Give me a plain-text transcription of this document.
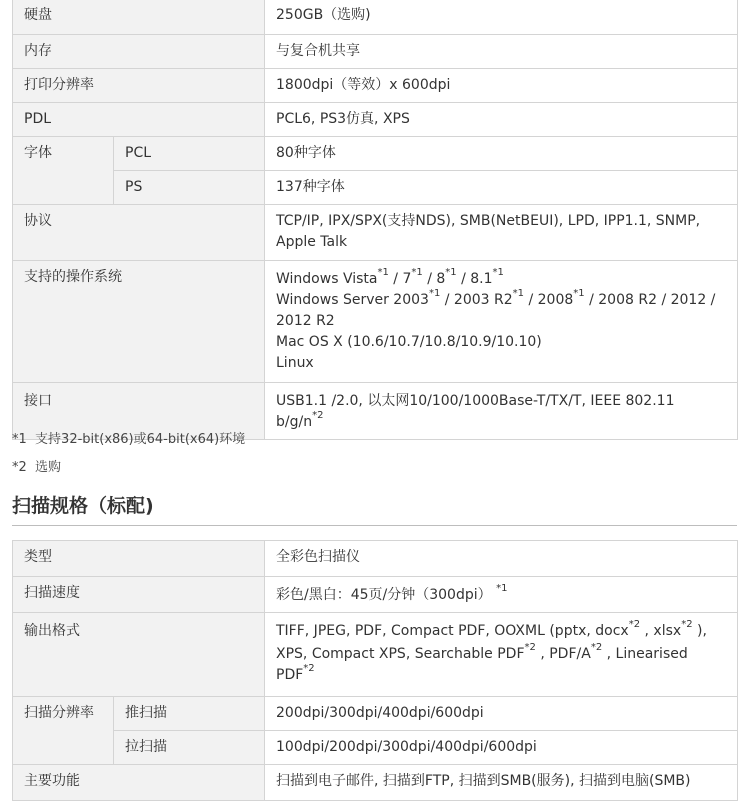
硬盘		250GB（选购)
内存		与复合机共享
打印分辨率		1800dpi（等效）x 600dpi
PDL		PCL6, PS3仿真, XPS
字体	PCL	80种字体
	PS	137种字体
协议		TCP/IP, IPX/SPX(支持NDS), SMB(NetBEUI), LPD, IPP1.1, SNMP,
Apple Talk

支持的操作系统		Windows Vista$^{*1}$ / 7$^{*1}$ / 8$^{*1}$ / 8.1$^{*1}$
Windows Server 2003$^{*1}$ / 2003 R2$^{*1}$ / 2008$^{*1}$ / 2008 R2 / 2012 /
2012 R2
Mac OS X (10.6/10.7/10.8/10.9/10.10)
Linux

接口		USB1.1 /2.0, 以太网10/100/1000Base-T/TX/T, IEEE 802.11 $b/g/n^{*2}$
*1 支持32-bit(x86)或64-bit(x64)环境
*2 选购
扫描规格（标配)
类型		全彩色扫描仪
扫描速度		彩色/黑白：45页/分钟（300dpi） $^{*1}$
输出格式		TIFF, JPEG, PDF, Compact PDF, OOXML (pptx, docx$^{*2}$ , xlsx$^{*2}$ ),
XPS, Compact XPS, Searchable PDF$^{*2}$ , PDF/$A^{*2}$ , Linearised
PDF$^{*2}$

扫描分辨率	推扫描	200dpi/300dpi/400dpi/600dpi
	拉扫描	100dpi/200dpi/300dpi/400dpi/600dpi
主要功能		扫描到电子邮件, 扫描到FTP, 扫描到SMB(服务), 扫描到电脑(SMB)
